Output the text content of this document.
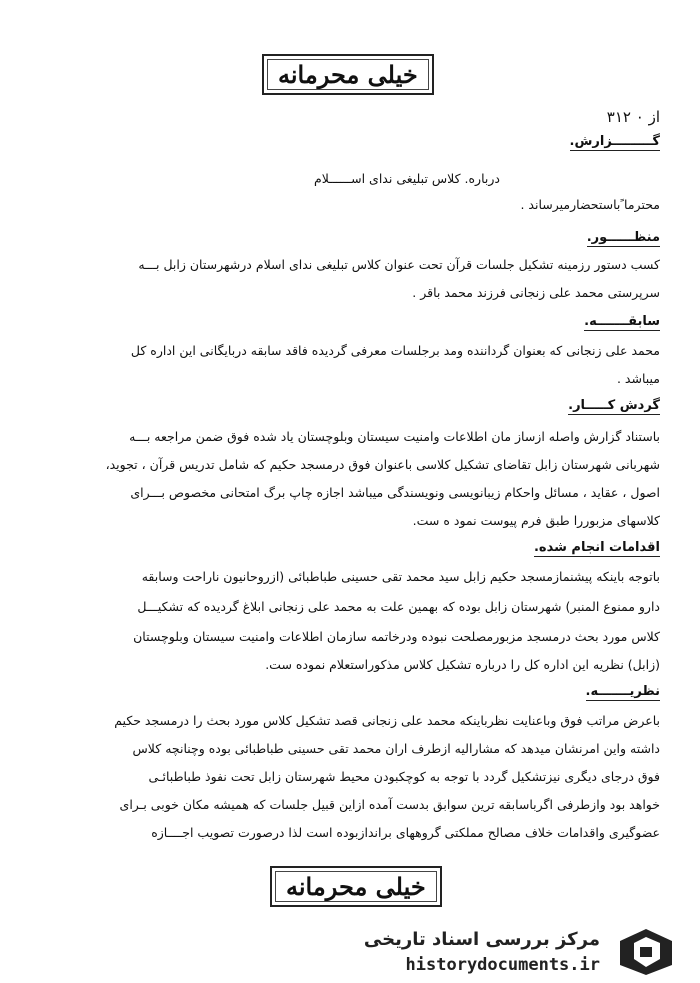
خیلی محرمانه
از ۰ ۳۱۲
گـــــــــزارش.
درباره. کلاس تبلیغی ندای اســــــلام
محترما ًباستحضارمیرساند .
منظــــــور.
کسب دستور رزمینه تشکیل جلسات قرآن تحت عنوان کلاس تبلیغی ندای اسلام درشهرستان زابل بـــه
سرپرستی محمد علی زنجانی فرزند محمد باقر .
سابقـــــــه.
محمد علی زنجانی که بعنوان گرداننده ومد برجلسات معرفی گردیده فاقد سابقه دربایگانی این اداره کل
میباشد .
گردش کـــــار.
باستناد گزارش واصله ازساز مان اطلاعات وامنیت سیستان وبلوچستان یاد شده فوق ضمن مراجعه بـــه
شهربانی شهرستان زابل تقاضای تشکیل کلاسی باعنوان فوق درمسجد حکیم که شامل تدریس قرآن ، تجوید،
اصول ، عقاید ، مسائل واحکام زیبانویسی ونویسندگی میباشد اجازه چاپ برگ امتحانی مخصوص بـــرای
کلاسهای مزبوررا طبق فرم پیوست نمود ه ست.
اقدامات انجام شده.
باتوجه باینکه پیشنمازمسجد حکیم زابل سید محمد تقی حسینی طباطبائی (ازروحانیون ناراحت وسابقه
دارو ممنوع المنبر) شهرستان زابل بوده که بهمین علت به محمد علی زنجانی ابلاغ گردیده که تشکیـــل
کلاس مورد بحث درمسجد مزبورمصلحت نبوده ودرخاتمه سازمان اطلاعات وامنیت سیستان وبلوچستان
(زابل) نظریه این اداره کل را درباره تشکیل کلاس مذکوراستعلام نموده ست.
نظریـــــــه.
باعرض مراتب فوق وباعنایت نظرباینکه محمد علی زنجانی قصد تشکیل کلاس مورد بحث را درمسجد حکیم
داشته واین امرنشان میدهد که مشارالیه ازطرف اران محمد تقی حسینی طباطبائی بوده وچنانچه کلاس
فوق درجای دیگری نیزتشکیل گردد با توجه به کوچکبودن محیط شهرستان زابل تحت نفوذ طباطبائـی
خواهد بود وازطرفی اگرباسابقه ترین سوابق بدست آمده ازاین قبیل جلسات که همیشه مکان خوبی بـرای
عضوگیری واقدامات خلاف مصالح مملکتی گروههای براندازبوده است لذا درصورت تصویب اجــــازه
خیلی محرمانه
مرکز بررسی اسناد تاریخی
historydocuments.ir
